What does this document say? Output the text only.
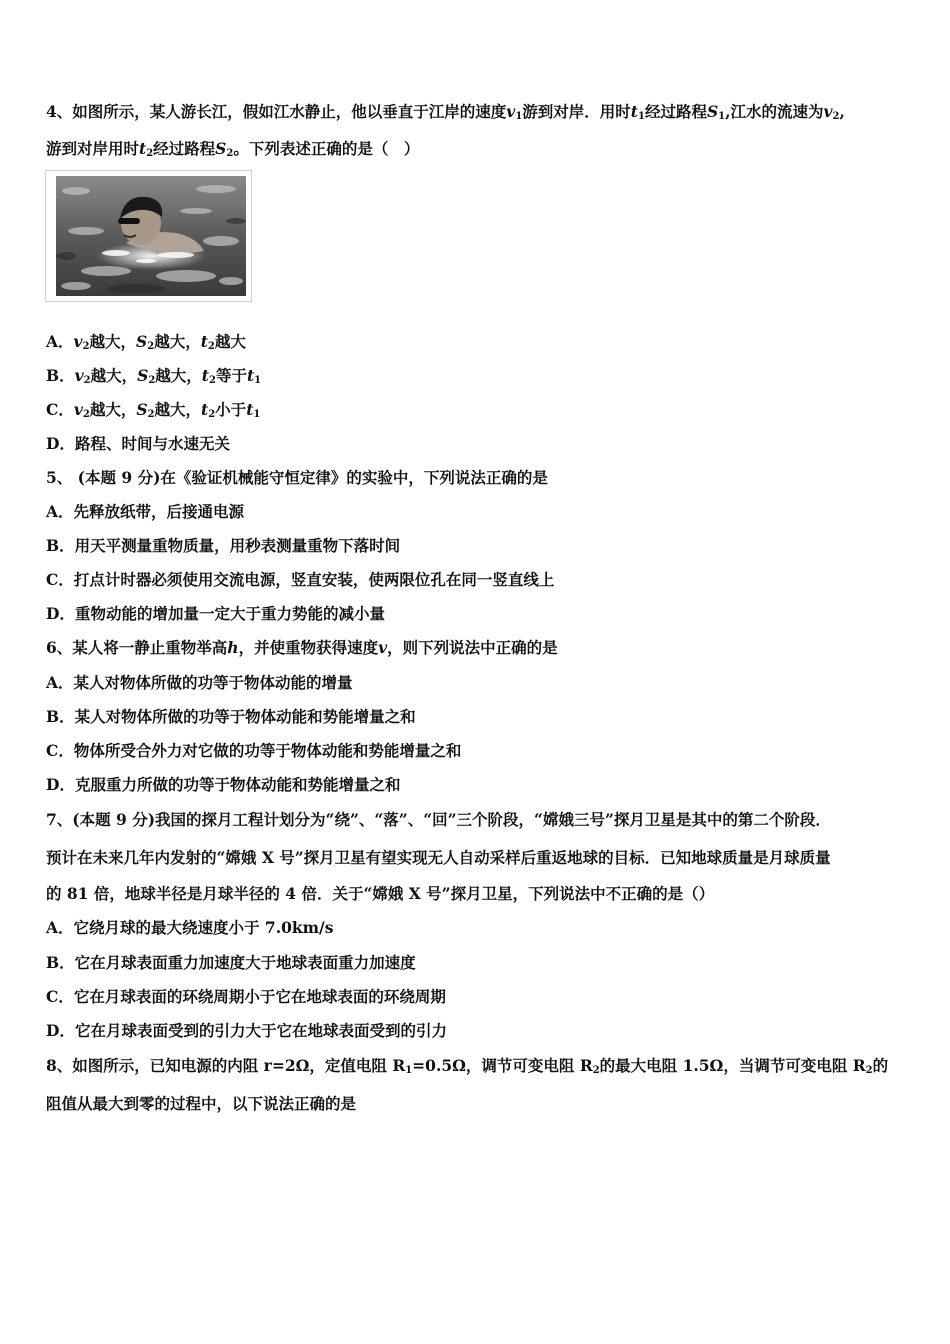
4、如图所示，某人游长江，假如江水静止，他以垂直于江岸的速度$v_1$游到对岸．用时$t_1$经过路程$S_1$,江水的流速为$v_2$,
游到对岸用时$t_2$经过路程$S_2$。下列表述正确的是（　）
A．$v_2$越大，$S_2$越大，$t_2$越大
B．$v_2$越大，$S_2$越大，$t_2$等于$t_1$
C．$v_2$越大，$S_2$越大，$t_2$小于$t_1$
D．路程、时间与水速无关
5、 (本题 9 分)在《验证机械能守恒定律》的实验中，下列说法正确的是
A．先释放纸带，后接通电源
B．用天平测量重物质量，用秒表测量重物下落时间
C．打点计时器必须使用交流电源，竖直安装，使两限位孔在同一竖直线上
D．重物动能的增加量一定大于重力势能的减小量
6、某人将一静止重物举高h，并使重物获得速度v，则下列说法中正确的是
A．某人对物体所做的功等于物体动能的增量
B．某人对物体所做的功等于物体动能和势能增量之和
C．物体所受合外力对它做的功等于物体动能和势能增量之和
D．克服重力所做的功等于物体动能和势能增量之和
7、(本题 9 分)我国的探月工程计划分为“绕”、“落”、“回”三个阶段，“嫦娥三号”探月卫星是其中的第二个阶段．
预计在未来几年内发射的“嫦娥 X 号”探月卫星有望实现无人自动采样后重返地球的目标．已知地球质量是月球质量
的 81 倍，地球半径是月球半径的 4 倍．关于“嫦娥 X 号”探月卫星，下列说法中不正确的是（）
A．它绕月球的最大绕速度小于 7.0km/s
B．它在月球表面重力加速度大于地球表面重力加速度
C．它在月球表面的环绕周期小于它在地球表面的环绕周期
D．它在月球表面受到的引力大于它在地球表面受到的引力
8、如图所示，已知电源的内阻 r=2Ω，定值电阻 $R_1=0.5\Omega$，调节可变电阻 $R_2$的最大电阻 1.5Ω，当调节可变电阻 $R_2$的
阻值从最大到零的过程中，以下说法正确的是
